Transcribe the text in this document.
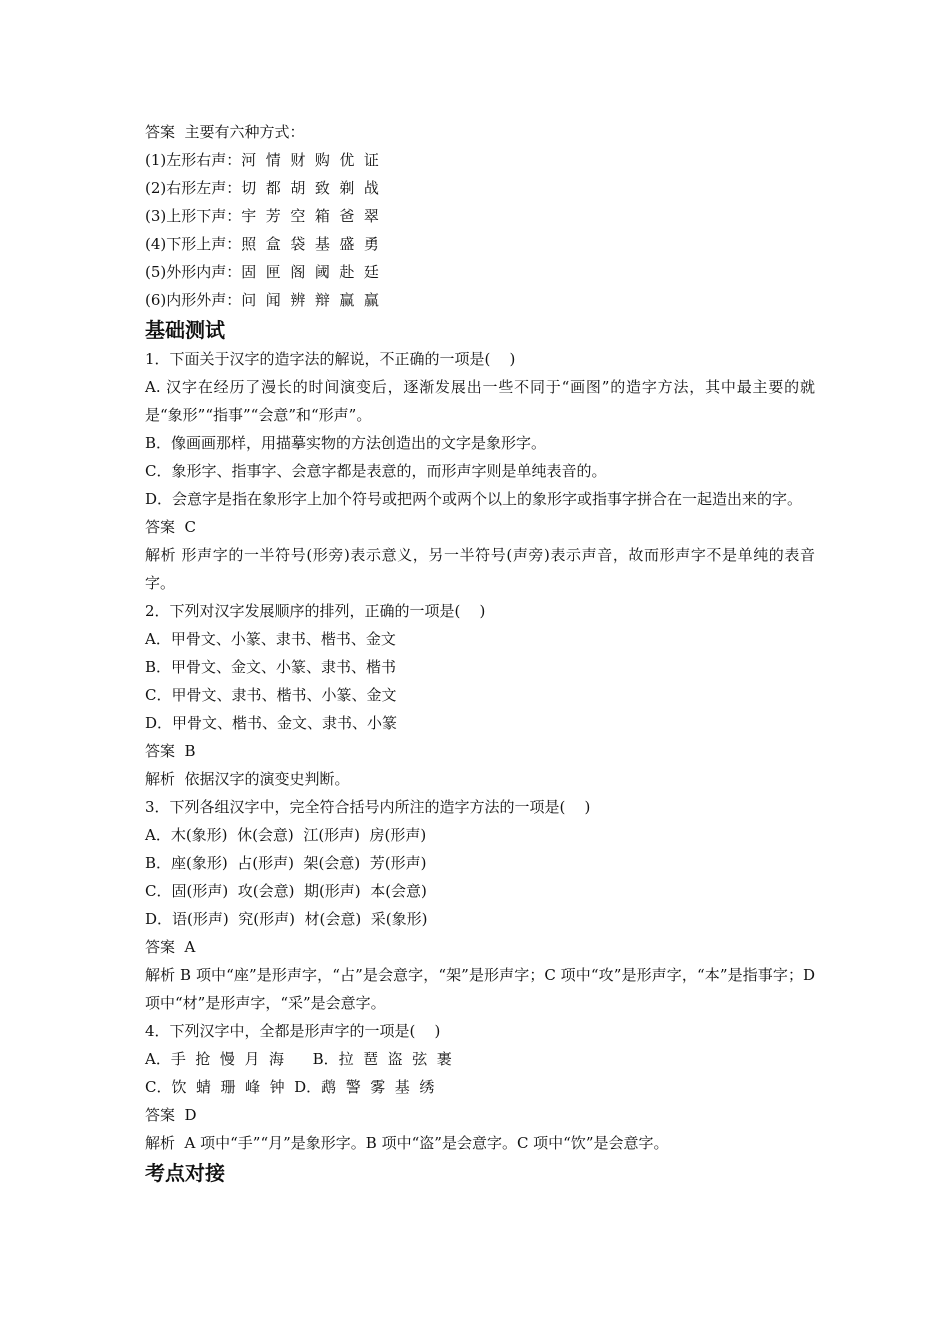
答案  主要有六种方式：

(1)左形右声：河  情  财  购  优  证

(2)右形左声：切  都  胡  致  剃  战

(3)上形下声：宇  芳  空  箱  爸  翠

(4)下形上声：照  盒  袋  基  盛  勇

(5)外形内声：固  匣  阁  阈  赴  廷

(6)内形外声：问  闻  辨  辩  赢  赢

基础测试

1．下面关于汉字的造字法的解说，不正确的一项是(    )

A. 汉字在经历了漫长的时间演变后，逐渐发展出一些不同于“画图”的造字方法，其中最主要的就是“象形”“指事”“会意”和“形声”。

B．像画画那样，用描摹实物的方法创造出的文字是象形字。

C．象形字、指事字、会意字都是表意的，而形声字则是单纯表音的。

D．会意字是指在象形字上加个符号或把两个或两个以上的象形字或指事字拼合在一起造出来的字。

答案  C

解析 形声字的一半符号(形旁)表示意义，另一半符号(声旁)表示声音，故而形声字不是单纯的表音字。

2．下列对汉字发展顺序的排列，正确的一项是(    )

A．甲骨文、小篆、隶书、楷书、金文

B．甲骨文、金文、小篆、隶书、楷书

C．甲骨文、隶书、楷书、小篆、金文

D．甲骨文、楷书、金文、隶书、小篆

答案  B

解析  依据汉字的演变史判断。

3．下列各组汉字中，完全符合括号内所注的造字方法的一项是(    )

A．木(象形)  休(会意)  江(形声)  房(形声)

B．座(象形)  占(形声)  架(会意)  芳(形声)

C．固(形声)  攻(会意)  期(形声)  本(会意)

D．语(形声)  究(形声)  材(会意)  采(象形)

答案  A

解析 B 项中“座”是形声字，“占”是会意字，“架”是形声字；C 项中“攻”是形声字，“本”是指事字；D 项中“材”是形声字，“采”是会意字。

4．下列汉字中，全都是形声字的一项是(    )

A．手  抢  慢  月  海      B．拉  琶  盗  弦  裹

C．饮  蜻  珊  峰  钟  D．鹉  警  雾  基  绣

答案  D

解析  A 项中“手”“月”是象形字。B 项中“盗”是会意字。C 项中“饮”是会意字。

考点对接
